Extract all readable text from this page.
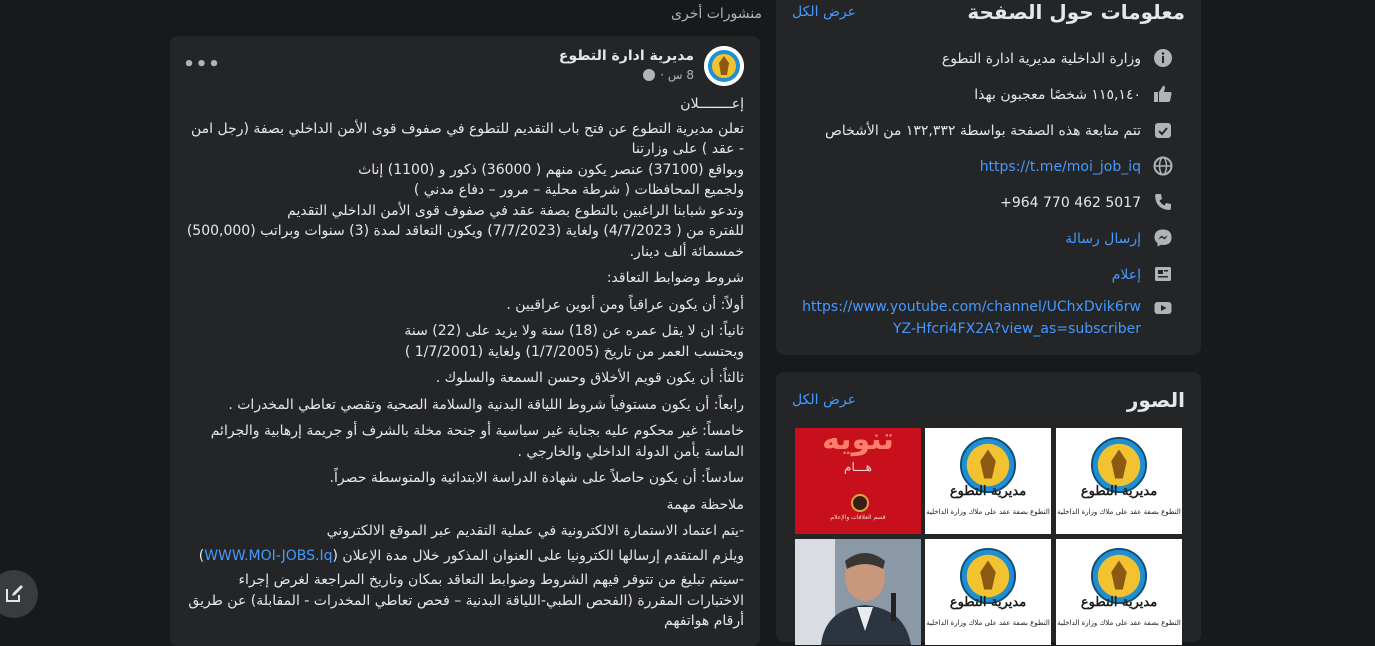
معلومات حول الصفحة
عرض الكل
وزارة الداخلية مديرية ادارة التطوع
١١٥,١٤٠ شخصًا معجبون بهذا
تتم متابعة هذه الصفحة بواسطة ١٣٢,٣٣٢ من الأشخاص
https://t.me/moi_job_iq
+964 770 462 5017
إرسال رسالة
إعلام
https://www.youtube.com/channel/UChxDvik6rwYZ-Hfcri4FX2A?view_as=subscriber
الصور
عرض الكل
مديرية التطوع
التطوع بصفة عقد على ملاك وزارة الداخلية
مديرية التطوع
التطوع بصفة عقد على ملاك وزارة الداخلية
تنويه
هـــام
قسم العلاقات والإعلام
مديرية التطوع
التطوع بصفة عقد على ملاك وزارة الداخلية
مديرية التطوع
التطوع بصفة عقد على ملاك وزارة الداخلية
منشورات أخرى
مديرية ادارة التطوع
8 س ·
•••

إعــــــــلان

تعلن مديرية التطوع عن فتح باب التقديم للتطوع في صفوف قوى الأمن الداخلي بصفة (رجل امن - عقد ) على وزارتنا
وبواقع (37100) عنصر يكون منهم ( 36000) ذكور و (1100) إناث
ولجميع المحافظات ( شرطة محلية – مرور – دفاع مدني )
وتدعو شبابنا الراغبين بالتطوع بصفة عقد في صفوف قوى الأمن الداخلي التقديم
للفترة من ( 4/7/2023) ولغاية (7/7/2023) ويكون التعاقد لمدة (3) سنوات وبراتب (500,000) خمسمائة ألف دينار.

شروط وضوابط التعاقد:

أولاً: أن يكون عراقياً ومن أبوين عراقيين .

ثانياً: ان لا يقل عمره عن (18) سنة ولا يزيد على (22) سنة
ويحتسب العمر من تاريخ (1/7/2005) ولغاية (1/7/2001 )

ثالثاً: أن يكون قويم الأخلاق وحسن السمعة والسلوك .

رابعاً: أن يكون مستوفياً شروط اللياقة البدنية والسلامة الصحية وتقصي تعاطي المخدرات .

خامساً: غير محكوم عليه بجناية غير سياسية أو جنحة مخلة بالشرف أو جريمة إرهابية والجرائم
الماسة بأمن الدولة الداخلي والخارجي .

سادساً: أن يكون حاصلاً على شهادة الدراسة الابتدائية والمتوسطة حصراً.

ملاحظة مهمة

-يتم اعتماد الاستمارة الالكترونية في عملية التقديم عبر الموقع الالكتروني

ويلزم المتقدم إرسالها الكترونيا على العنوان المذكور خلال مدة الإعلان (WWW.MOI-JOBS.Iq)

-سيتم تبليغ من تتوفر فيهم الشروط وضوابط التعاقد بمكان وتاريخ المراجعة لغرض إجراء الاختبارات المقررة (الفحص الطبي-اللياقة البدنية – فحص تعاطي المخدرات - المقابلة) عن طريق أرقام هواتفهم
